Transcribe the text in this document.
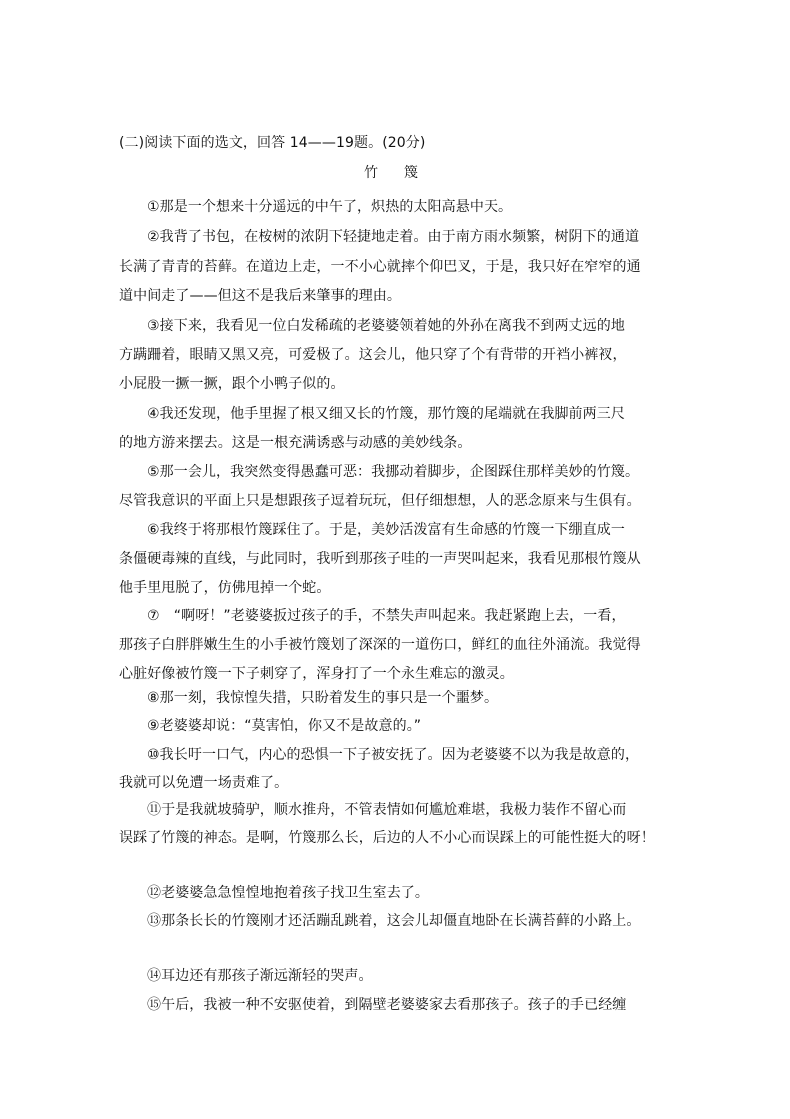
(二)阅读下面的选文，回答 14——19题。(20分)
竹 篾
①那是一个想来十分遥远的中午了，炽热的太阳高悬中天。
②我背了书包，在桉树的浓阴下轻捷地走着。由于南方雨水频繁，树阴下的通道
长满了青青的苔藓。在道边上走，一不小心就摔个仰巴叉，于是，我只好在窄窄的通
道中间走了——但这不是我后来肇事的理由。
③接下来，我看见一位白发稀疏的老婆婆领着她的外孙在离我不到两丈远的地
方蹒跚着，眼睛又黑又亮，可爱极了。这会儿，他只穿了个有背带的开裆小裤衩，
小屁股一撅一撅，跟个小鸭子似的。
④我还发现，他手里握了根又细又长的竹篾，那竹篾的尾端就在我脚前两三尺
的地方游来摆去。这是一根充满诱惑与动感的美妙线条。
⑤那一会儿，我突然变得愚蠢可恶：我挪动着脚步，企图踩住那样美妙的竹篾。
尽管我意识的平面上只是想跟孩子逗着玩玩，但仔细想想，人的恶念原来与生俱有。
⑥我终于将那根竹篾踩住了。于是，美妙活泼富有生命感的竹篾一下绷直成一
条僵硬毒辣的直线，与此同时，我听到那孩子哇的一声哭叫起来，我看见那根竹篾从
他手里甩脱了，仿佛甩掉一个蛇。
⑦　“啊呀！”老婆婆扳过孩子的手，不禁失声叫起来。我赶紧跑上去，一看，
那孩子白胖胖嫩生生的小手被竹篾划了深深的一道伤口，鲜红的血往外涌流。我觉得
心脏好像被竹篾一下子刺穿了，浑身打了一个永生难忘的激灵。
⑧那一刻，我惊惶失措，只盼着发生的事只是一个噩梦。
⑨老婆婆却说：“莫害怕，你又不是故意的。”
⑩我长吁一口气，内心的恐惧一下子被安抚了。因为老婆婆不以为我是故意的，
我就可以免遭一场责难了。
⑪于是我就坡骑驴，顺水推舟，不管表情如何尴尬难堪，我极力装作不留心而
误踩了竹篾的神态。是啊，竹篾那么长，后边的人不小心而误踩上的可能性挺大的呀！
⑫老婆婆急急惶惶地抱着孩子找卫生室去了。
⑬那条长长的竹篾刚才还活蹦乱跳着，这会儿却僵直地卧在长满苔藓的小路上。
⑭耳边还有那孩子渐远渐轻的哭声。
⑮午后，我被一种不安驱使着，到隔壁老婆婆家去看那孩子。孩子的手已经缠
